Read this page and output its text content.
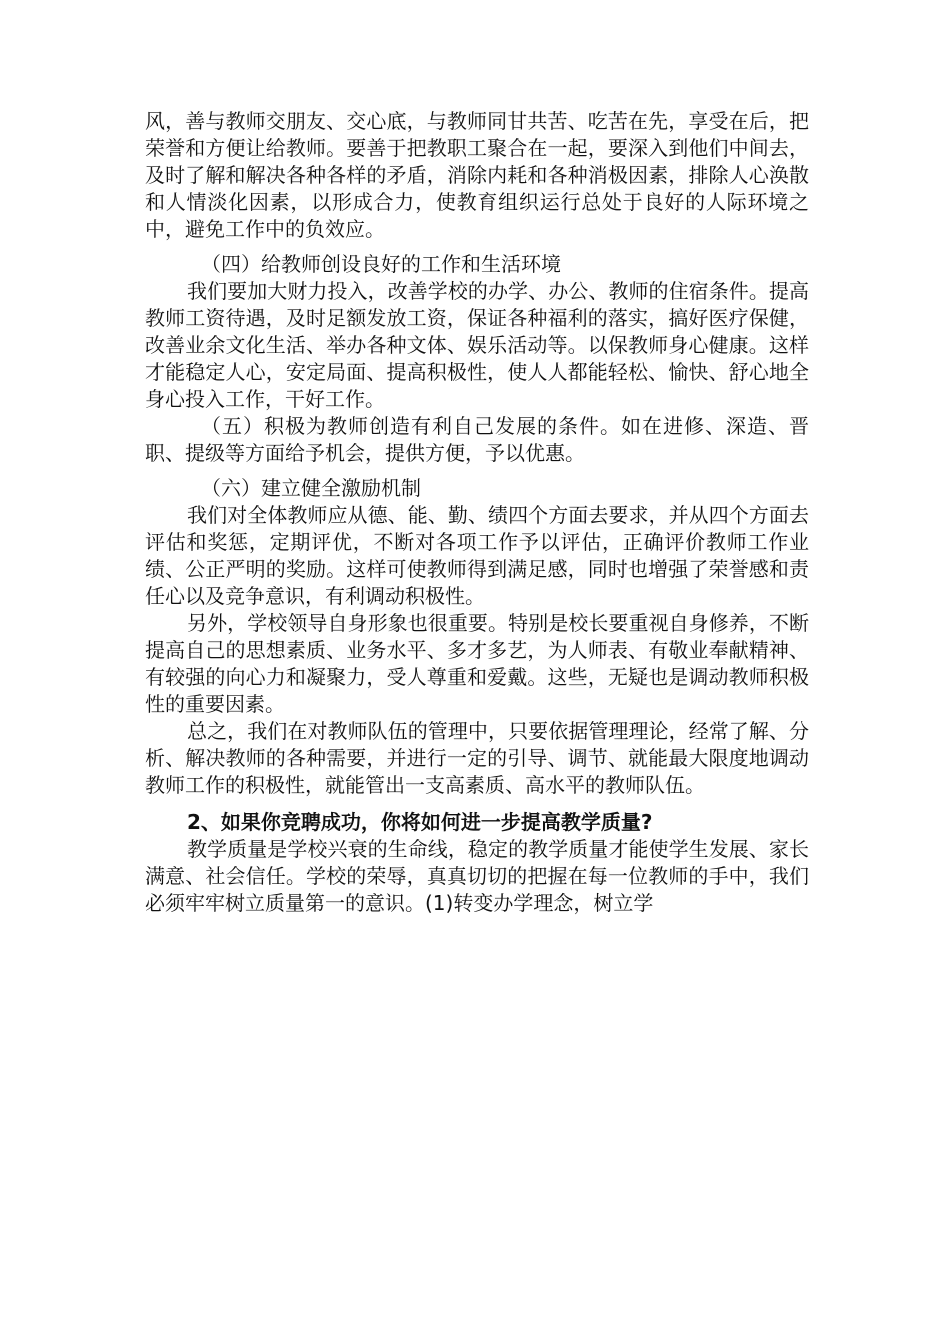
风，善与教师交朋友、交心底，与教师同甘共苦、吃苦在先，享受在后，把荣誉和方便让给教师。要善于把教职工聚合在一起，要深入到他们中间去，及时了解和解决各种各样的矛盾，消除内耗和各种消极因素，排除人心涣散和人情淡化因素，以形成合力，使教育组织运行总处于良好的人际环境之中，避免工作中的负效应。

（四）给教师创设良好的工作和生活环境

我们要加大财力投入，改善学校的办学、办公、教师的住宿条件。提高教师工资待遇，及时足额发放工资，保证各种福利的落实，搞好医疗保健，改善业余文化生活、举办各种文体、娱乐活动等。以保教师身心健康。这样才能稳定人心，安定局面、提高积极性，使人人都能轻松、愉快、舒心地全身心投入工作，干好工作。

（五）积极为教师创造有利自己发展的条件。如在进修、深造、晋职、提级等方面给予机会，提供方便，予以优惠。

（六）建立健全激励机制

我们对全体教师应从德、能、勤、绩四个方面去要求，并从四个方面去评估和奖惩，定期评优，不断对各项工作予以评估，正确评价教师工作业绩、公正严明的奖励。这样可使教师得到满足感，同时也增强了荣誉感和责任心以及竞争意识，有利调动积极性。

另外，学校领导自身形象也很重要。特别是校长要重视自身修养，不断提高自己的思想素质、业务水平、多才多艺，为人师表、有敬业奉献精神、有较强的向心力和凝聚力，受人尊重和爱戴。这些，无疑也是调动教师积极性的重要因素。

总之，我们在对教师队伍的管理中，只要依据管理理论，经常了解、分析、解决教师的各种需要，并进行一定的引导、调节、就能最大限度地调动教师工作的积极性，就能管出一支高素质、高水平的教师队伍。

2、如果你竞聘成功，你将如何进一步提高教学质量?

教学质量是学校兴衰的生命线，稳定的教学质量才能使学生发展、家长满意、社会信任。学校的荣辱，真真切切的把握在每一位教师的手中，我们必须牢牢树立质量第一的意识。(1)转变办学理念，树立学
